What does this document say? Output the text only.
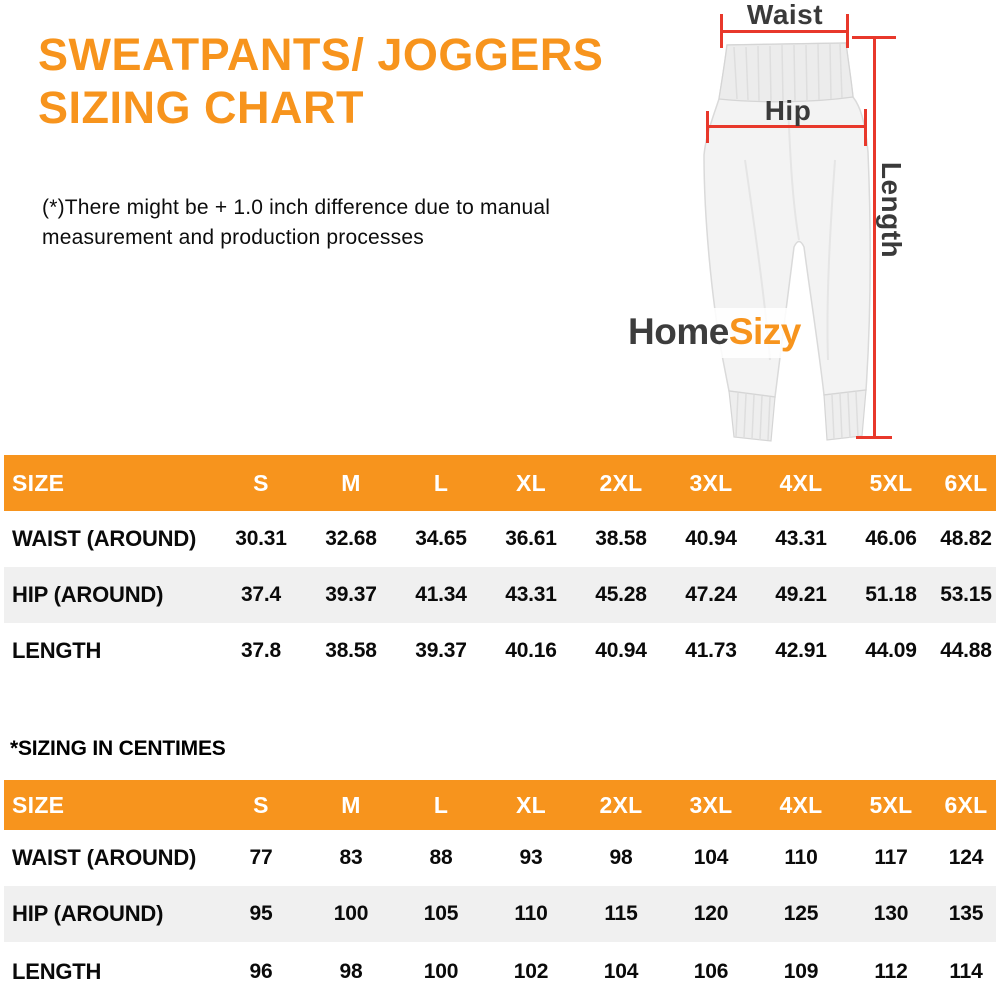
SWEATPANTS/ JOGGERS
SIZING CHART

(*)There might be + 1.0 inch difference due to manual measurement and production processes

Waist
Hip
Length
HomeSizy
SIZE	S	M	L	XL	2XL	3XL	4XL	5XL	6XL
WAIST (AROUND)	30.31	32.68	34.65	36.61	38.58	40.94	43.31	46.06	48.82
HIP (AROUND)	37.4	39.37	41.34	43.31	45.28	47.24	49.21	51.18	53.15
LENGTH	37.8	38.58	39.37	40.16	40.94	41.73	42.91	44.09	44.88
*SIZING IN CENTIMES
SIZE	S	M	L	XL	2XL	3XL	4XL	5XL	6XL
WAIST (AROUND)	77	83	88	93	98	104	110	117	124
HIP (AROUND)	95	100	105	110	115	120	125	130	135
LENGTH	96	98	100	102	104	106	109	112	114
